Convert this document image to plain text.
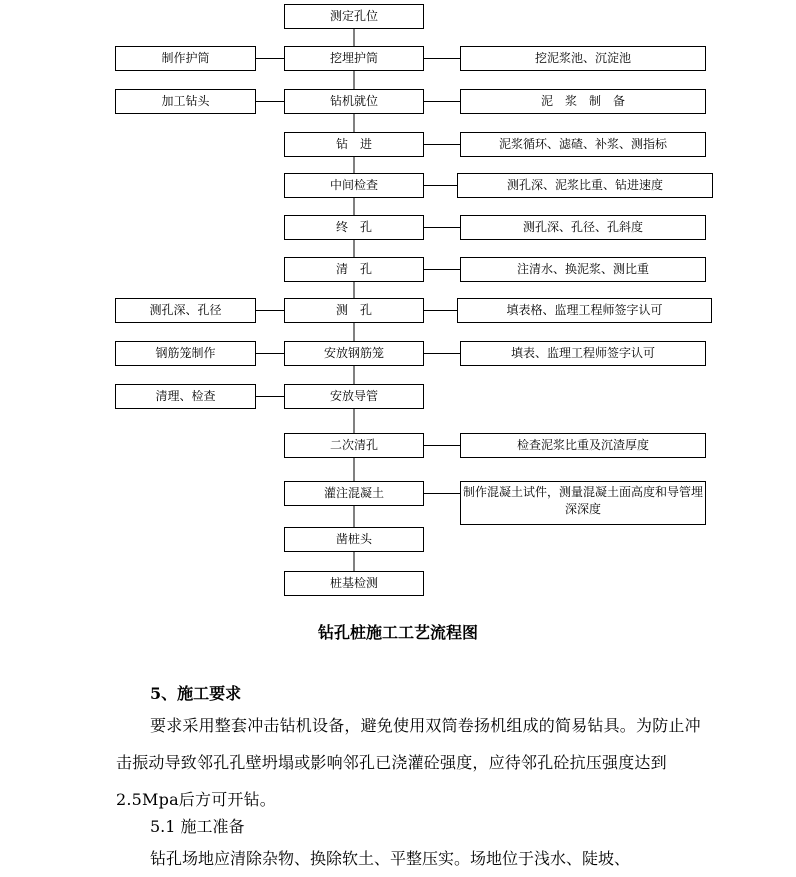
测定孔位
挖埋护筒
钻机就位
钻　进
中间检查
终　孔
清　孔
测　孔
安放钢筋笼
安放导管
二次清孔
灌注混凝土
凿桩头
桩基检测
制作护筒
加工钻头
测孔深、孔径
钢筋笼制作
清理、检查
挖泥浆池、沉淀池
泥　浆　制　备
泥浆循环、滤碴、补浆、测指标
测孔深、泥浆比重、钻进速度
测孔深、孔径、孔斜度
注清水、换泥浆、测比重
填表格、监理工程师签字认可
填表、监理工程师签字认可
检查泥浆比重及沉渣厚度
制作混凝土试件，测量混凝土面高度和导管埋深深度
钻孔桩施工工艺流程图

5、施工要求

要求采用整套冲击钻机设备，避免使用双筒卷扬机组成的简易钻具。为防止冲击振动导致邻孔孔壁坍塌或影响邻孔已浇灌砼强度，应待邻孔砼抗压强度达到2.5Mpa后方可开钻。

5.1 施工准备

钻孔场地应清除杂物、换除软土、平整压实。场地位于浅水、陡坡、
